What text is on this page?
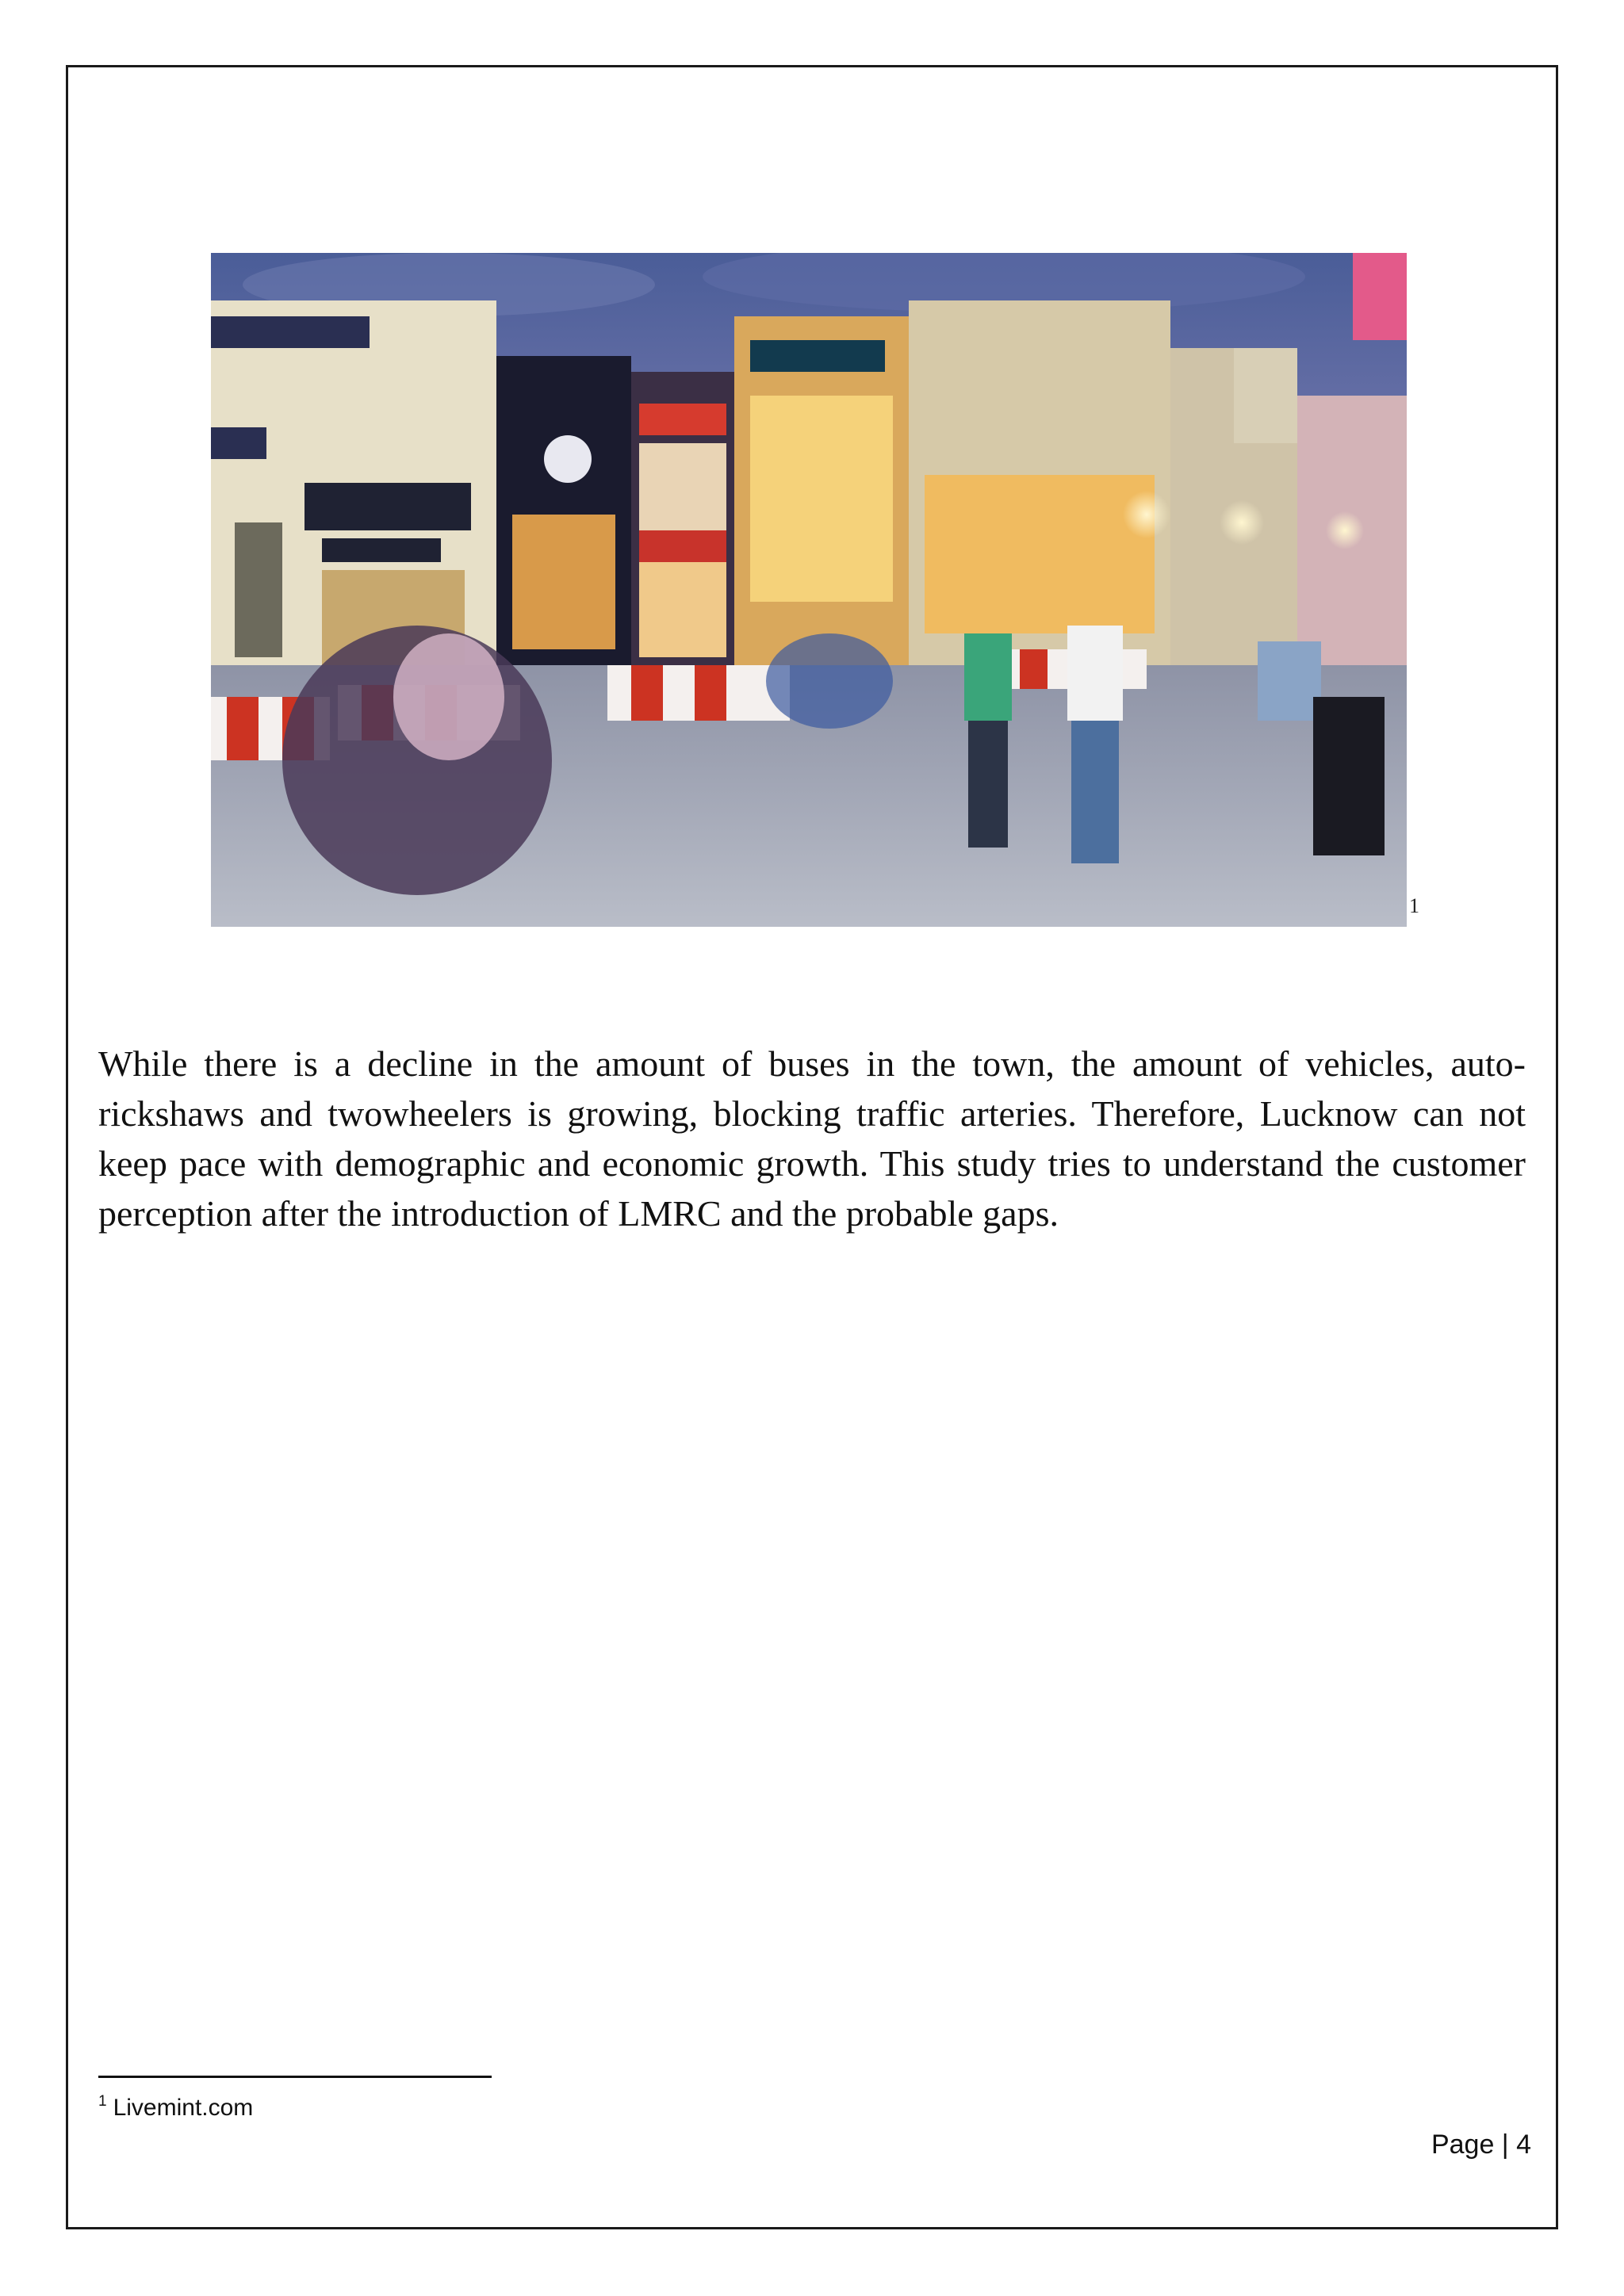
1

While there is a decline in the amount of buses in the town, the amount of vehicles, auto-rickshaws and twowheelers is growing, blocking traffic arteries. Therefore, Lucknow can not keep pace with demographic and economic growth. This study tries to understand the customer perception after the introduction of LMRC and the probable gaps.

$^1$ Livemint.com
Page | 4
